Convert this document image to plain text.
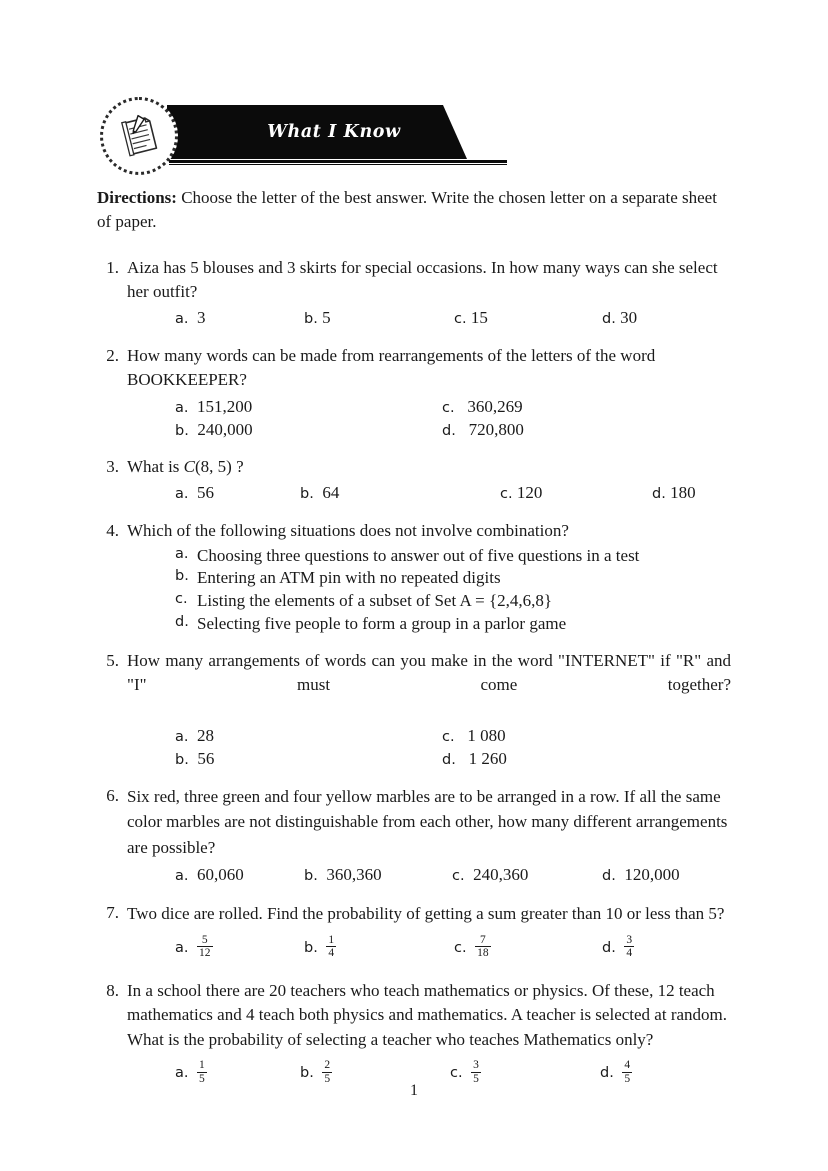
What I Know
Directions: Choose the letter of the best answer. Write the chosen letter on a separate sheet of paper.
1. Aiza has 5 blouses and 3 skirts for special occasions. In how many ways can she select her outfit?
a. 3	b. 5	c. 15	d. 30
2. How many words can be made from rearrangements of the letters of the word BOOKKEEPER?
a. 151,200
b. 240,000
c. 360,269
d. 720,800
3. What is C(8, 5) ?
a. 56	b. 64	c. 120	d. 180
4. Which of the following situations does not involve combination?
a. Choosing three questions to answer out of five questions in a test
b. Entering an ATM pin with no repeated digits
c. Listing the elements of a subset of Set A = {2,4,6,8}
d. Selecting five people to form a group in a parlor game
5. How many arrangements of words can you make in the word "INTERNET" if "R" and "I" must come together?
a. 28
b. 56
c. 1 080
d. 1 260
6. Six red, three green and four yellow marbles are to be arranged in a row. If all the same color marbles are not distinguishable from each other, how many different arrangements are possible?
a. 60,060	b. 360,360	c. 240,360	d. 120,000
7. Two dice are rolled. Find the probability of getting a sum greater than 10 or less than 5?
a. $\frac{5}{12}$	b. $\frac{1}{4}$	c. $\frac{7}{18}$	d. $\frac{3}{4}$
8. In a school there are 20 teachers who teach mathematics or physics. Of these, 12 teach mathematics and 4 teach both physics and mathematics. A teacher is selected at random. What is the probability of selecting a teacher who teaches Mathematics only?
a. $\frac{1}{5}$	b. $\frac{2}{5}$	c. $\frac{3}{5}$	d. $\frac{4}{5}$
1
